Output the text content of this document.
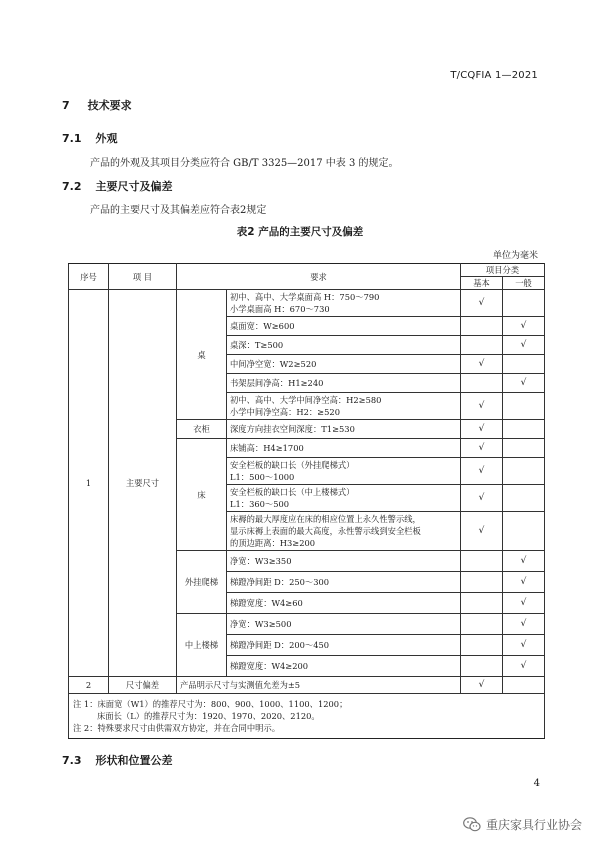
T/CQFIA 1—2021
7 技术要求
7.1 外观
产品的外观及其项目分类应符合 GB/T 3325—2017 中表 3 的规定。
7.2 主要尺寸及偏差
产品的主要尺寸及其偏差应符合表2规定
表2 产品的主要尺寸及偏差
单位为毫米
序号	项 目	要求		项目分类	
				基本	一般
1	主要尺寸	桌	初中、高中、大学桌面高 H：750～790
小学桌面高 H：670～730	√	
			桌面宽：W≥600		√
			桌深：T≥500		√
			中间净空宽：W2≥520	√	
			书架层间净高：H1≥240		√
			初中、高中、大学中间净空高：H2≥580
小学中间净空高：H2：≥520	√	

		衣柜	深度方向挂衣空间深度：T1≥530	√	
		床	床铺高：H4≥1700	√	
			安全栏板的缺口长（外挂爬梯式）
L1：500～1000	√	
			安全栏板的缺口长（中上楼梯式）
L1：360～500	√	
			床褥的最大厚度应在床的相应位置上永久性警示线，
显示床褥上表面的最大高度，永性警示线到安全栏板
的顶边距离：H3≥200	√	
		外挂爬梯	净宽：W3≥350		√
			梯蹬净间距 D：250～300		√
			梯蹬宽度：W4≥60		√
		中上楼梯	净宽：W3≥500		√
			梯蹬净间距 D：200～450		√
			梯蹬宽度：W4≥200		√
2	尺寸偏差	产品明示尺寸与实测值允差为±5		√	

注 1：床面宽（W1）的推荐尺寸为：800、900、1000、1100、1200；
床面长（L）的推荐尺寸为：1920、1970、2020、2120。
注 2：特殊要求尺寸由供需双方协定，并在合同中明示。					
7.3 形状和位置公差
4
重庆家具行业协会
